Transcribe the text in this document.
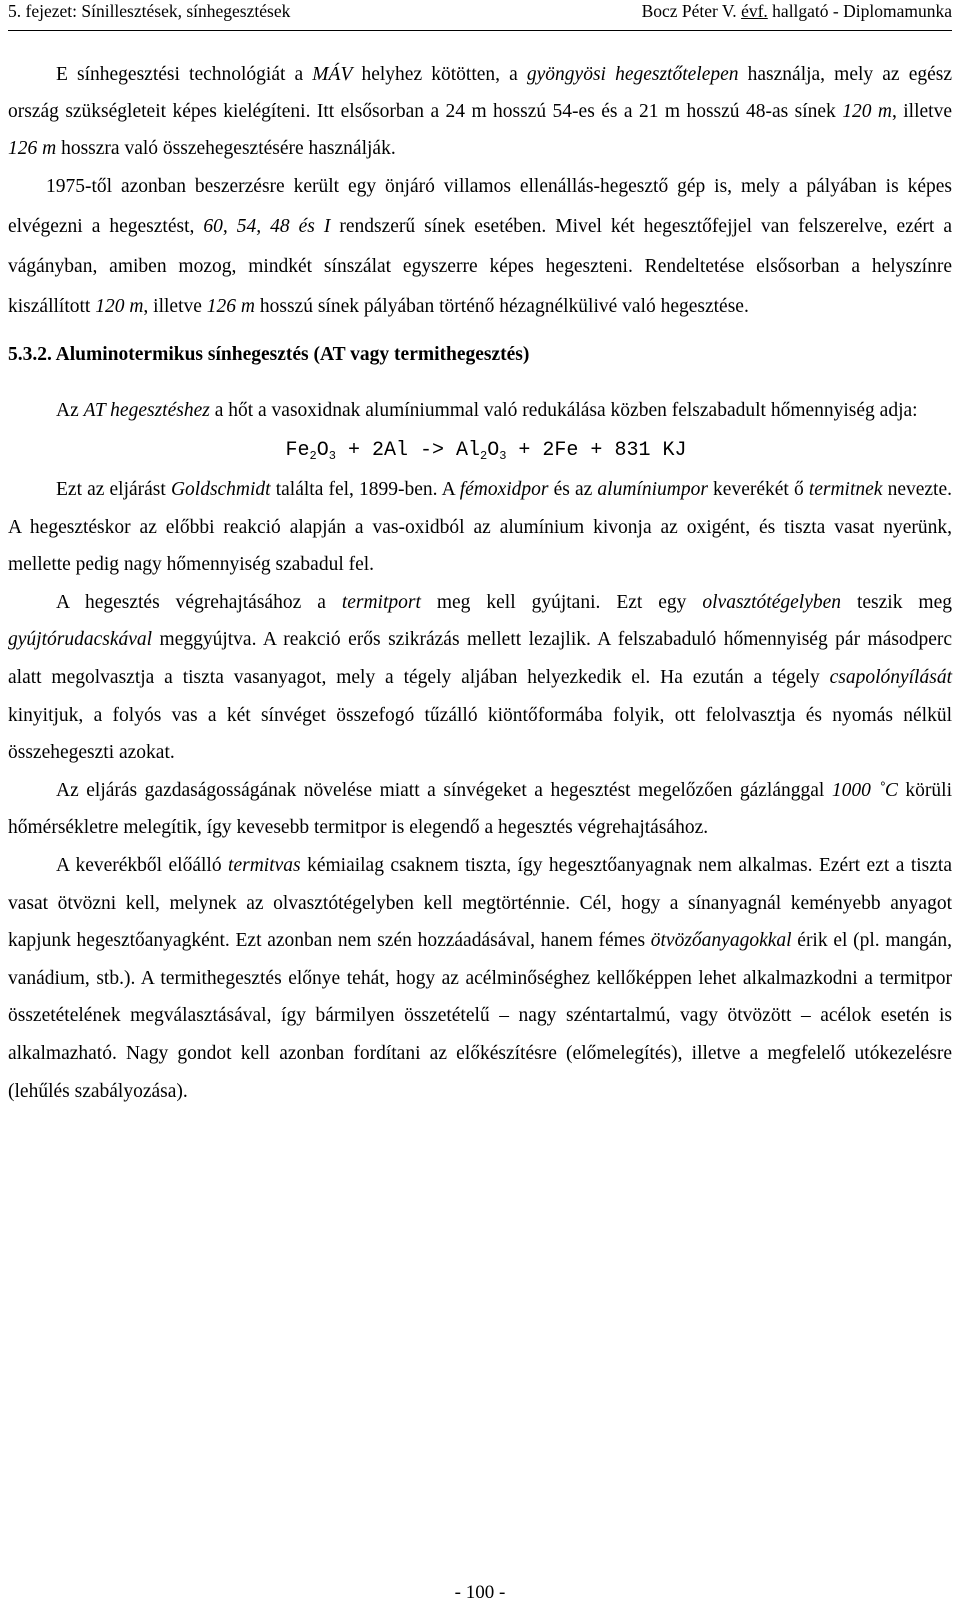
5. fejezet: Sínillesztések, sínhegesztések	Bocz Péter V. évf. hallgató - Diplomamunka

E sínhegesztési technológiát a MÁV helyhez kötötten, a gyöngyösi hegesztőtelepen használja, mely az egész ország szükségleteit képes kielégíteni. Itt elsősorban a 24 m hosszú 54-es és a 21 m hosszú 48-as sínek 120 m, illetve 126 m hosszra való összehegesztésére használják.

1975-től azonban beszerzésre került egy önjáró villamos ellenállás-hegesztő gép is, mely a pályában is képes elvégezni a hegesztést, 60, 54, 48 és I rendszerű sínek esetében. Mivel két hegesztőfejjel van felszerelve, ezért a vágányban, amiben mozog, mindkét sínszálat egyszerre képes hegeszteni. Rendeltetése elsősorban a helyszínre kiszállított 120 m, illetve 126 m hosszú sínek pályában történő hézagnélkülivé való hegesztése.

5.3.2. Aluminotermikus sínhegesztés (AT vagy termithegesztés)

Az AT hegesztéshez a hőt a vasoxidnak alumíniummal való redukálása közben felszabadult hőmennyiség adja:

$Fe_2O_3 + 2Al -> Al_2O_3 + 2Fe + 831$ KJ

Ezt az eljárást Goldschmidt találta fel, 1899-ben. A fémoxidpor és az alumíniumpor keverékét ő termitnek nevezte. A hegesztéskor az előbbi reakció alapján a vas-oxidból az alumínium kivonja az oxigént, és tiszta vasat nyerünk, mellette pedig nagy hőmennyiség szabadul fel.

A hegesztés végrehajtásához a termitport meg kell gyújtani. Ezt egy olvasztótégelyben teszik meg gyújtórudacskával meggyújtva. A reakció erős szikrázás mellett lezajlik. A felszabaduló hőmennyiség pár másodperc alatt megolvasztja a tiszta vasanyagot, mely a tégely aljában helyezkedik el. Ha ezután a tégely csapolónyílását kinyitjuk, a folyós vas a két sínvéget összefogó tűzálló kiöntőformába folyik, ott felolvasztja és nyomás nélkül összehegeszti azokat.

Az eljárás gazdaságosságának növelése miatt a sínvégeket a hegesztést megelőzően gázlánggal 1000 ˚C körüli hőmérsékletre melegítik, így kevesebb termitpor is elegendő a hegesztés végrehajtásához.

A keverékből előálló termitvas kémiailag csaknem tiszta, így hegesztőanyagnak nem alkalmas. Ezért ezt a tiszta vasat ötvözni kell, melynek az olvasztótégelyben kell megtörténnie. Cél, hogy a sínanyagnál keményebb anyagot kapjunk hegesztőanyagként. Ezt azonban nem szén hozzáadásával, hanem fémes ötvözőanyagokkal érik el (pl. mangán, vanádium, stb.). A termithegesztés előnye tehát, hogy az acélminőséghez kellőképpen lehet alkalmazkodni a termitpor összetételének megválasztásával, így bármilyen összetételű – nagy széntartalmú, vagy ötvözött – acélok esetén is alkalmazható. Nagy gondot kell azonban fordítani az előkészítésre (előmelegítés), illetve a megfelelő utókezelésre (lehűlés szabályozása).

- 100 -
